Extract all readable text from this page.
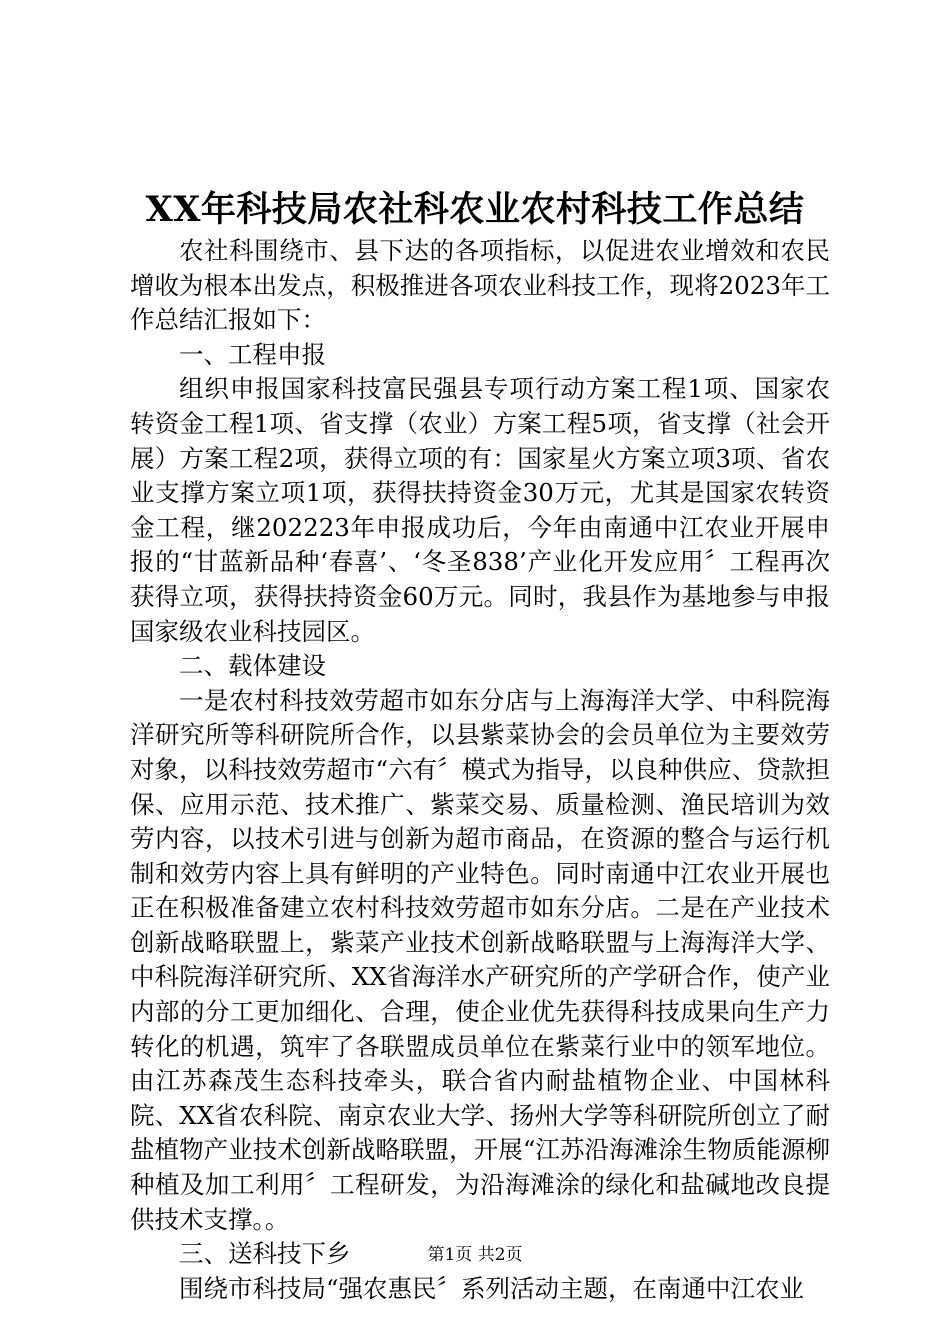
XX年科技局农社科农业农村科技工作总结

农社科围绕市、县下达的各项指标，以促进农业增效和农民增收为根本出发点，积极推进各项农业科技工作，现将2023年工作总结汇报如下：

一、工程申报

组织申报国家科技富民强县专项行动方案工程1项、国家农转资金工程1项、省支撑（农业）方案工程5项，省支撑（社会开展）方案工程2项，获得立项的有：国家星火方案立项3项、省农业支撑方案立项1项，获得扶持资金30万元，尤其是国家农转资金工程，继202223年申报成功后，今年由南通中江农业开展申报的“甘蓝新品种‘春喜’、‘冬圣838’产业化开发应用〞工程再次获得立项，获得扶持资金60万元。同时，我县作为基地参与申报国家级农业科技园区。

二、载体建设

一是农村科技效劳超市如东分店与上海海洋大学、中科院海洋研究所等科研院所合作，以县紫菜协会的会员单位为主要效劳对象，以科技效劳超市“六有〞模式为指导，以良种供应、贷款担保、应用示范、技术推广、紫菜交易、质量检测、渔民培训为效劳内容，以技术引进与创新为超市商品，在资源的整合与运行机制和效劳内容上具有鲜明的产业特色。同时南通中江农业开展也正在积极准备建立农村科技效劳超市如东分店。二是在产业技术创新战略联盟上，紫菜产业技术创新战略联盟与上海海洋大学、中科院海洋研究所、XX省海洋水产研究所的产学研合作，使产业内部的分工更加细化、合理，使企业优先获得科技成果向生产力转化的机遇，筑牢了各联盟成员单位在紫菜行业中的领军地位。由江苏森茂生态科技牵头，联合省内耐盐植物企业、中国林科院、XX省农科院、南京农业大学、扬州大学等科研院所创立了耐盐植物产业技术创新战略联盟，开展“江苏沿海滩涂生物质能源柳种植及加工利用〞工程研发，为沿海滩涂的绿化和盐碱地改良提供技术支撑。。

三、送科技下乡

围绕市科技局“强农惠民〞系列活动主题，在南通中江农业

第1页 共2页
